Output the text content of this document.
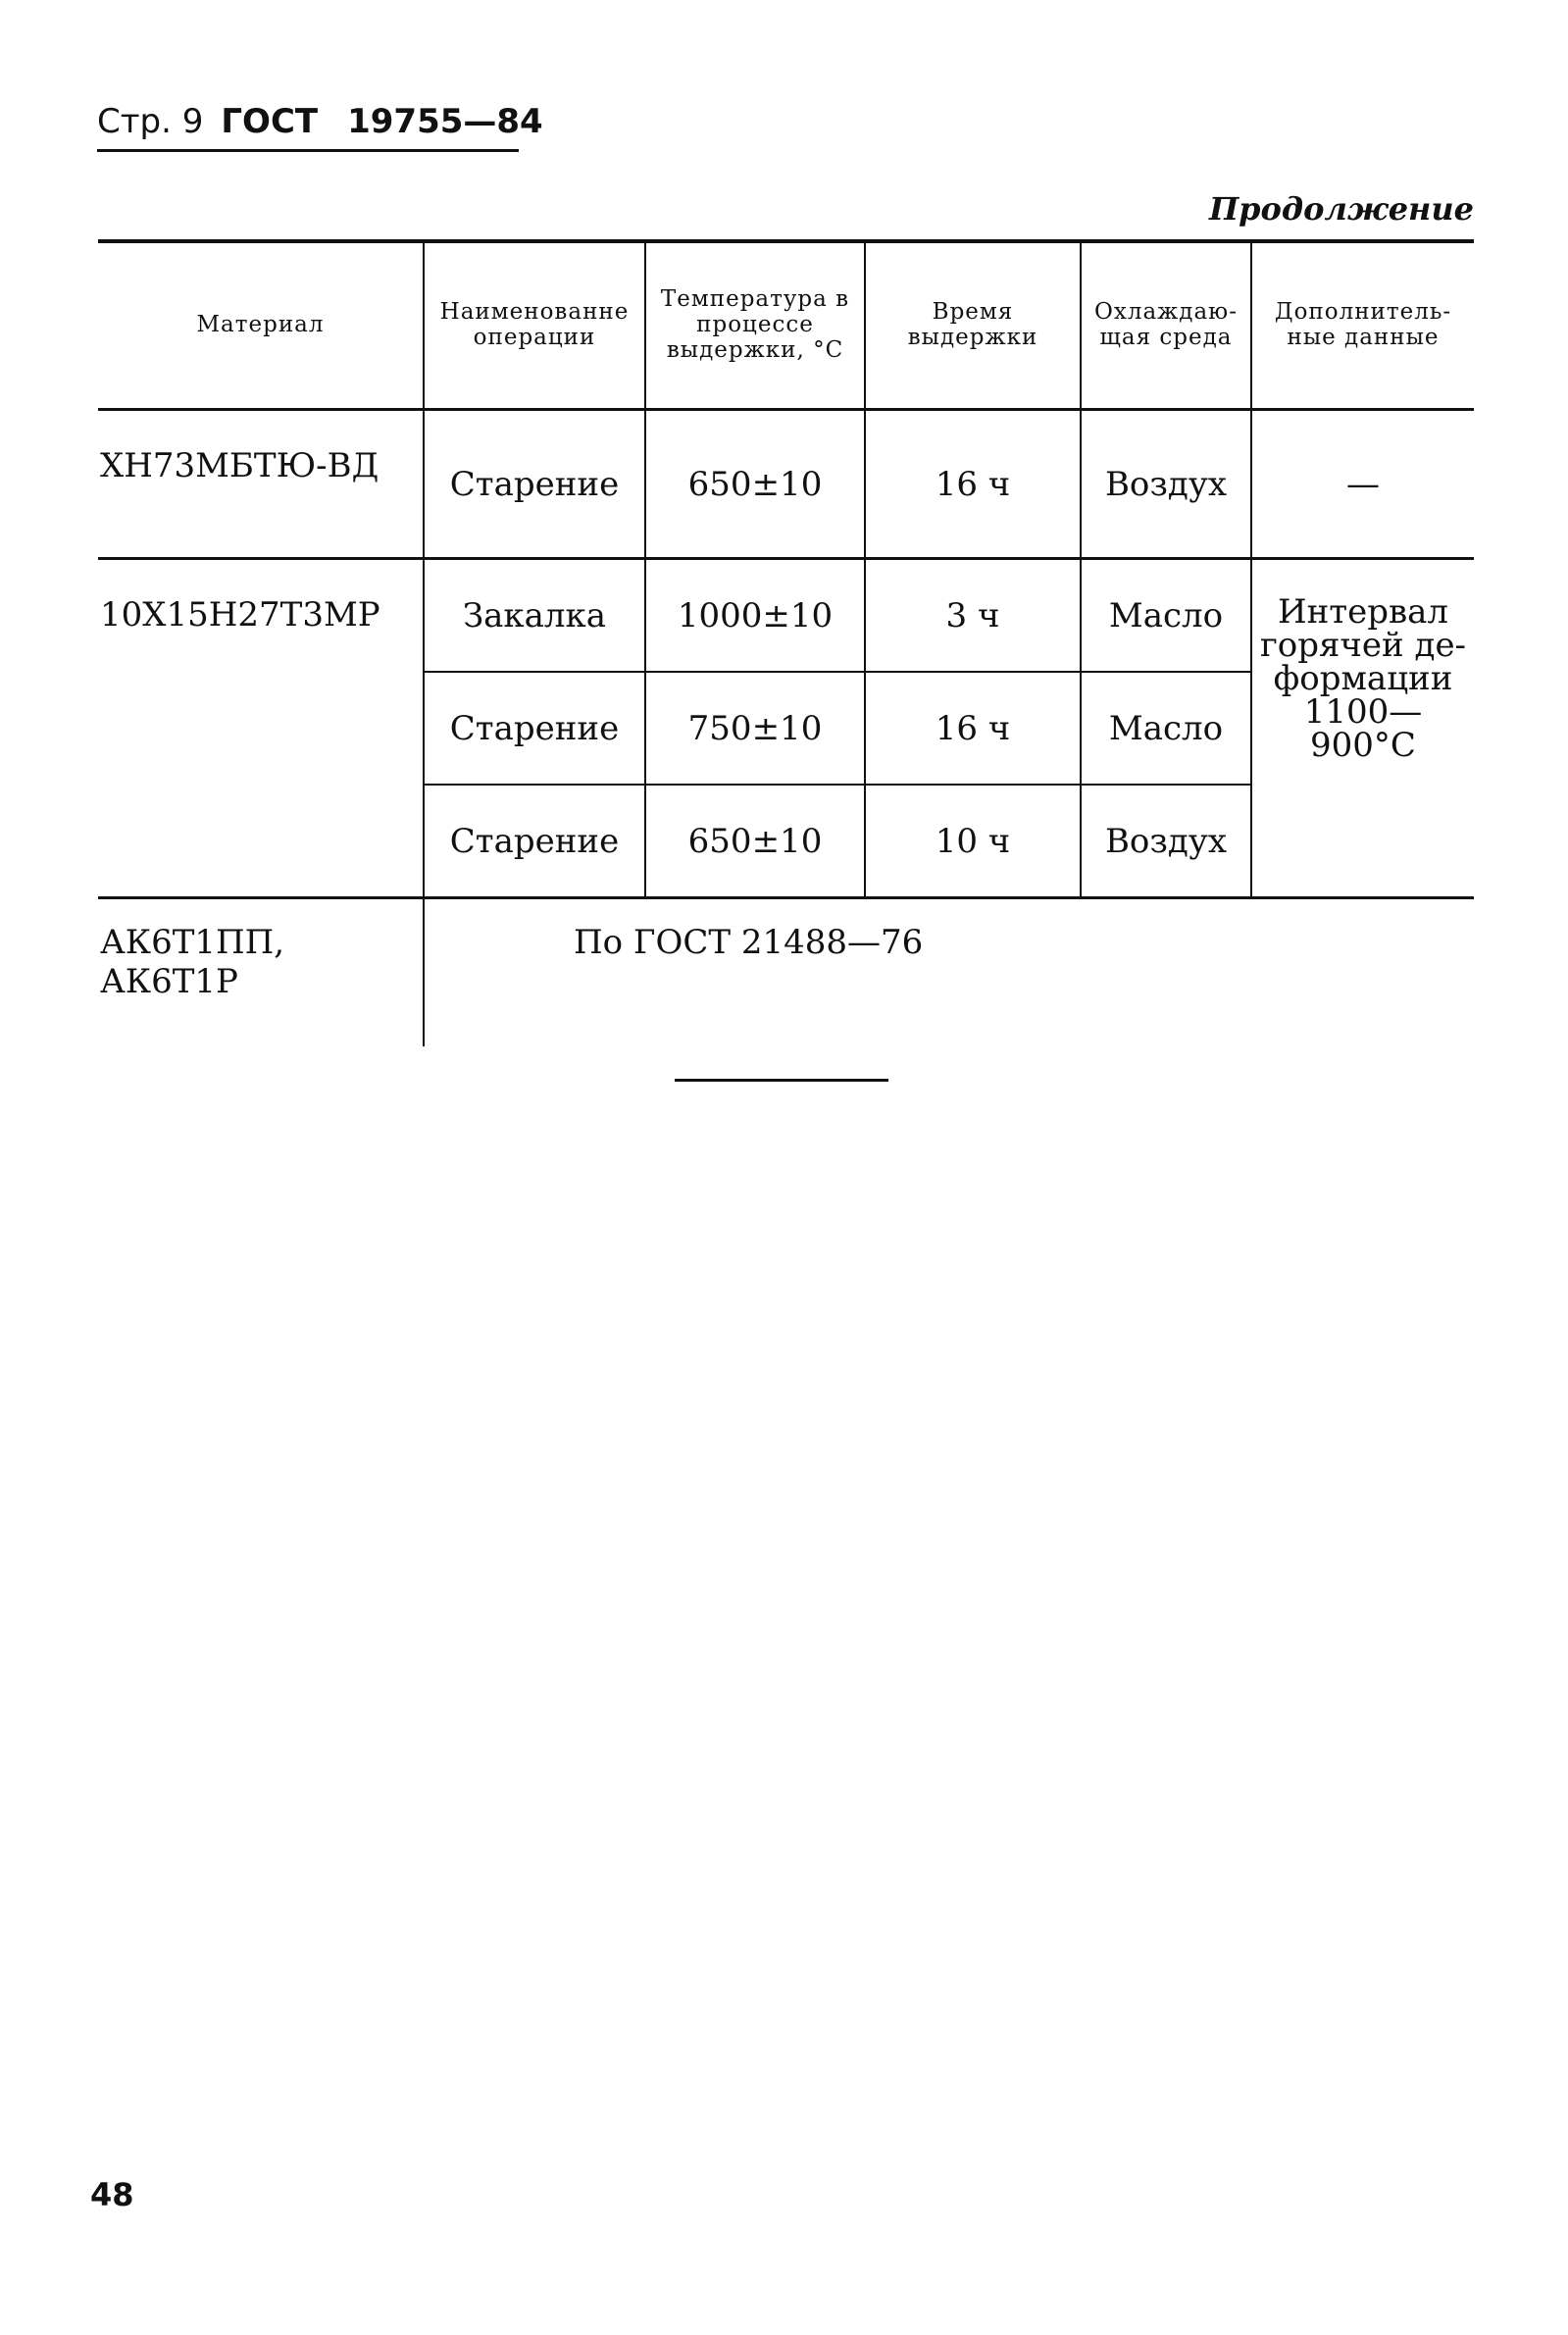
Стр. 9 ГОСТ 19755—84
Продолжение
Материал	Наименованне операции	Температура в процессе выдержки, °С	Время выдержки	Охлаждаю-щая среда	Дополнитель-ные данные
ХН73МБТЮ-ВД	Старение	650±10	16 ч	Воздух	—
10Х15Н27Т3МР	Закалка	1000±10	3 ч	Масло	Интервал горячей де-формации 1100—900°С
	Старение	750±10	16 ч	Масло	
	Старение	650±10	10 ч	Воздух	
АК6Т1ПП, АК6Т1Р	По ГОСТ 21488—76				
48
